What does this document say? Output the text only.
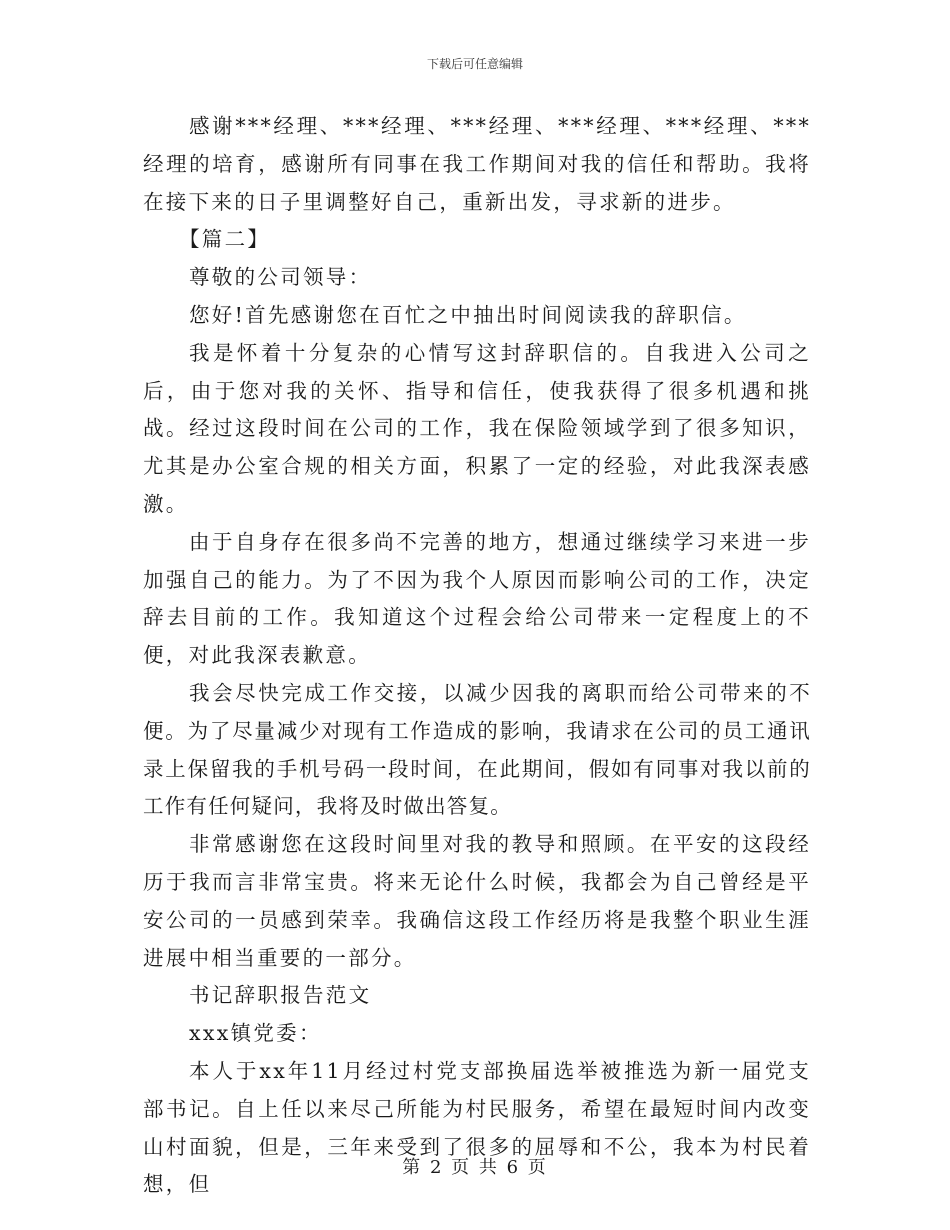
下载后可任意编辑

感谢***经理、***经理、***经理、***经理、***经理、***经理的培育，感谢所有同事在我工作期间对我的信任和帮助。我将在接下来的日子里调整好自己，重新出发，寻求新的进步。

【篇二】

尊敬的公司领导：

您好!首先感谢您在百忙之中抽出时间阅读我的辞职信。

我是怀着十分复杂的心情写这封辞职信的。自我进入公司之后，由于您对我的关怀、指导和信任，使我获得了很多机遇和挑战。经过这段时间在公司的工作，我在保险领域学到了很多知识，尤其是办公室合规的相关方面，积累了一定的经验，对此我深表感激。

由于自身存在很多尚不完善的地方，想通过继续学习来进一步加强自己的能力。为了不因为我个人原因而影响公司的工作，决定辞去目前的工作。我知道这个过程会给公司带来一定程度上的不便，对此我深表歉意。

我会尽快完成工作交接，以减少因我的离职而给公司带来的不便。为了尽量减少对现有工作造成的影响，我请求在公司的员工通讯录上保留我的手机号码一段时间，在此期间，假如有同事对我以前的工作有任何疑问，我将及时做出答复。

非常感谢您在这段时间里对我的教导和照顾。在平安的这段经历于我而言非常宝贵。将来无论什么时候，我都会为自己曾经是平安公司的一员感到荣幸。我确信这段工作经历将是我整个职业生涯进展中相当重要的一部分。

书记辞职报告范文

xxx镇党委：

本人于xx年11月经过村党支部换届选举被推选为新一届党支部书记。自上任以来尽己所能为村民服务，希望在最短时间内改变山村面貌，但是，三年来受到了很多的屈辱和不公，我本为村民着想，但

第 2 页 共 6 页
